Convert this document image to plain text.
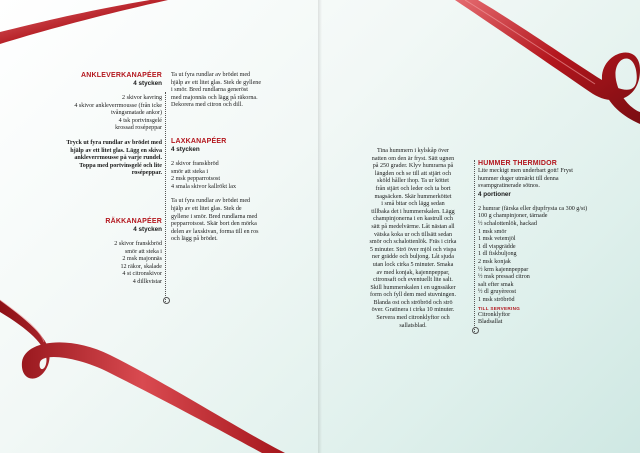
ANKLEVERKANAPÉER

4 stycken

2 skivor kavring

4 skivor ankleverrmousse (från icke

tvångsmatade ankor)

4 tsk portvinsgelé

krossad rosépeppar

Tryck ut fyra rundlar av brödet med

hjälp av ett litet glas. Lägg en skiva

ankleverrmousse på varje rundel.

Toppa med portvinsgelé och lite

rosépeppar.

RÄKKANAPÉER

4 stycken

2 skivor franskbröd

smör att steka i

2 msk majonnäs

12 räkor, skalade

4 st citronskivor

4 dillkvistar

Ta ut fyra rundlar av brödet med

hjälp av ett litet glas. Stek de gyllene

i smör. Bred rundlarna generöst

med majonnäs och lägg på räkorna.

Dekorera med citron och dill.

LAXKANAPÉER

4 stycken

2 skivor franskbröd

smör att steka i

2 msk pepparrotsost

4 smala skivor kallrökt lax

Ta ut fyra rundlar av brödet med

hjälp av ett litet glas. Stek de

gyllene i smör. Bred rundlarna med

pepparrotsost. Skär bort den mörka

delen av laxskivan, forma till en ros

och lägg på brödet.

Tina hummern i kylskåp över

natten om den är fryst. Sätt ugnen

på 250 grader. Klyv humrarna på

längden och se till att stjärt och

sköld håller ihop. Ta ur köttet

från stjärt och leder och ta bort

magsäcken. Skär hummerköttet

i små bitar och lägg sedan

tillbaka det i hummerskalen. Lägg

champinjonerna i en kastrull och

sätt på medelvärme. Låt nästan all

vätska koka ur och tillsätt sedan

smör och schalottenlök. Fräs i cirka

5 minuter. Strö över mjöl och vispa

ner grädde och buljong. Låt sjuda

utan lock cirka 5 minuter. Smaka

av med konjak, kajennpeppar,

citronsaft och eventuellt lite salt.

Skill hummerskalen i en ugnssäker

form och fyll dem med stuvningen.

Blanda ost och ströbröd och strö

över. Gratinera i cirka 10 minuter.

Servera med citronklyftor och

sallatsblad.

HUMMER THERMIDOR

Lite meckigt men underbart gott! Fryst

hummer duger utmärkt till denna

svampgratinerade sötnos.

4 portioner

2 humrar (färska eller djupfrysta ca 300 g/st)

100 g champinjoner, tärnade

½ schalottenlök, hackad

1 msk smör

1 msk vetemjöl

1 dl vispgrädde

1 dl fiskbuljong

2 msk konjak

½ krm kajennpeppar

½ msk pressad citron

salt efter smak

½ dl gruyèreost

1 msk ströbröd

TILL SERVERING

Citronklyftor

Bladsallat
